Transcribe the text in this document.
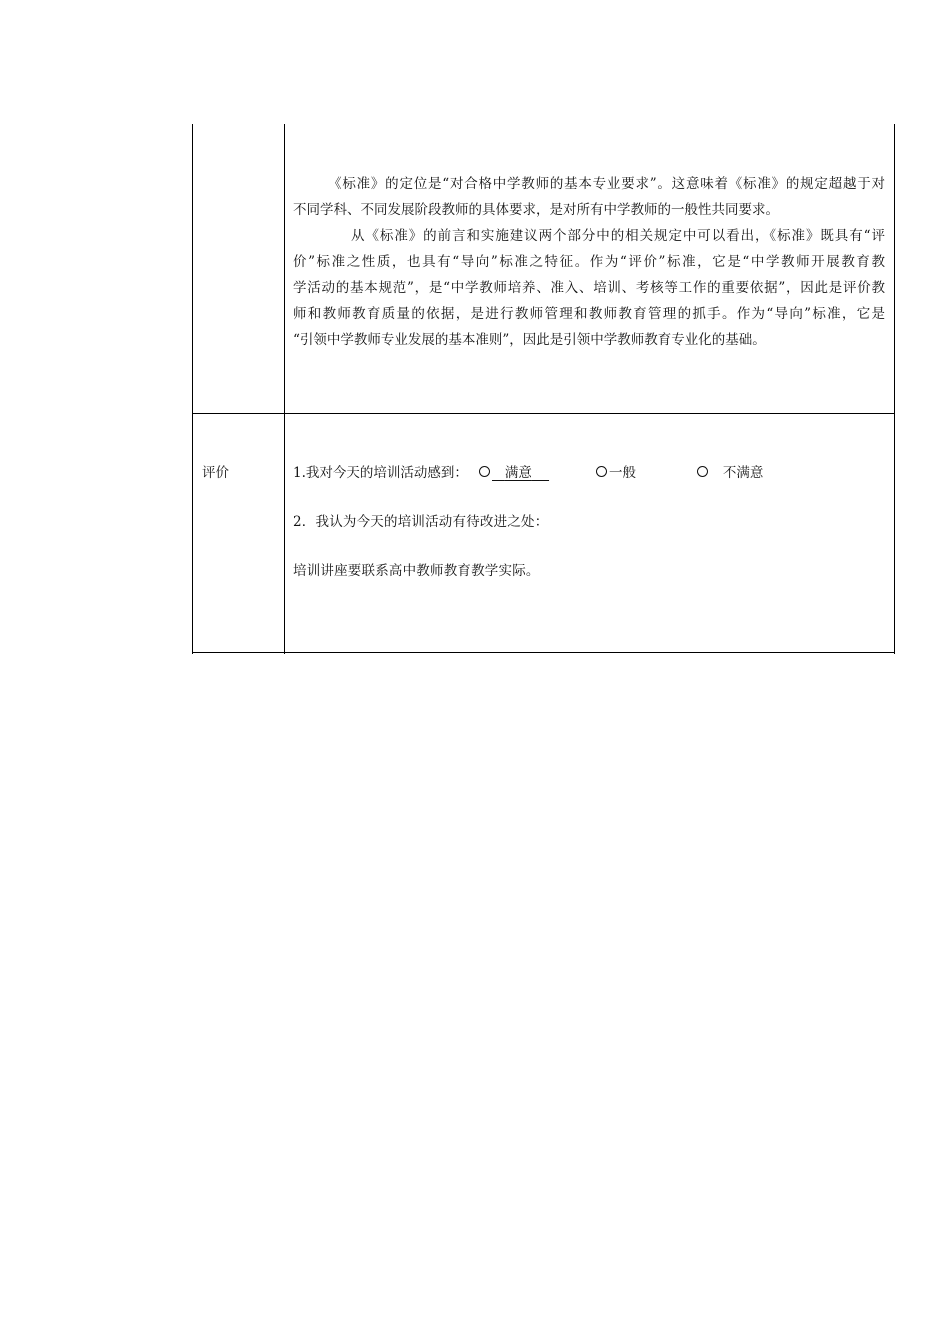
《标准》的定位是“对合格中学教师的基本专业要求”。这意味着《标准》的规定超越于对
不同学科、不同发展阶段教师的具体要求，是对所有中学教师的一般性共同要求。
从《标准》的前言和实施建议两个部分中的相关规定中可以看出，《标准》既具有“评
价”标准之性质，也具有“导向”标准之特征。作为“评价”标准，它是“中学教师开展教育教
学活动的基本规范”，是“中学教师培养、准入、培训、考核等工作的重要依据”，因此是评价教
师和教师教育质量的依据，是进行教师管理和教师教育管理的抓手。作为“导向”标准，它是
“引领中学教师专业发展的基本准则”，因此是引领中学教师教育专业化的基础。
评价	1.我对今天的培训活动感到：	满意	一般	不满意
2．我认为今天的培训活动有待改进之处：
培训讲座要联系高中教师教育教学实际。
